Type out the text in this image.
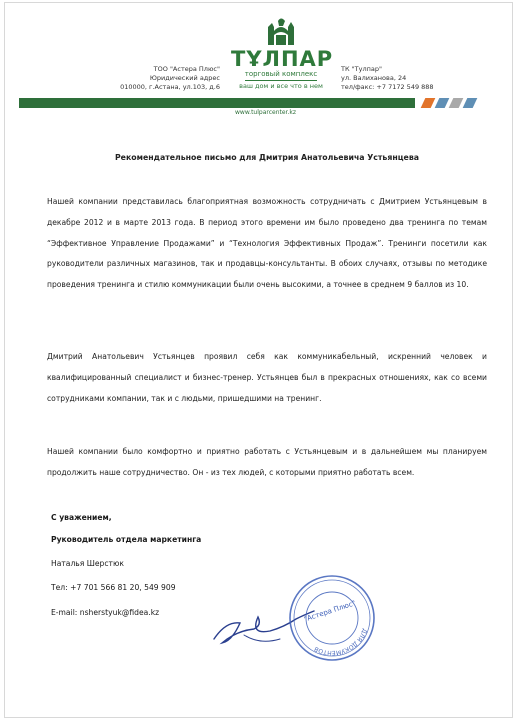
ТҰЛПАР
торговый комплекс
ваш дом и все что в нем
ТОО "Астера Плюс"
Юридический адрес
010000, г.Астана, ул.103, д.6
ТК "Тулпар"
ул. Валиханова, 24
тел/факс: +7 7172 549 888
www.tulparcenter.kz
Рекомендательное письмо для Дмитрия Анатольевича Устьянцева
Нашей компании представилась благоприятная возможность сотрудничать с Дмитрием Устьянцевым в декабре 2012 и в марте 2013 года. В период этого времени им было проведено два тренинга по темам “Эффективное Управление Продажами” и “Технология Эффективных Продаж”. Тренинги посетили как руководители различных магазинов, так и продавцы-консультанты. В обоих случаях, отзывы по методике проведения тренинга и стилю коммуникации были очень высокими, а точнее в среднем 9 баллов из 10.
Дмитрий Анатольевич Устьянцев проявил себя как коммуникабельный, искренний человек и квалифицированный специалист и бизнес-тренер. Устьянцев был в прекрасных отношениях, как со всеми сотрудниками компании, так и с людьми, пришедшими на тренинг.
Нашей компании было комфортно и приятно работать с Устьянцевым и в дальнейшем мы планируем продолжить наше сотрудничество. Он - из тех людей, с которыми приятно работать всем.
С уважением,
Руководитель отдела маркетинга
Наталья Шерстюк
Тел: +7 701 566 81 20, 549 909
E-mail: nsherstyuk@fidea.kz
ДЛЯ ДОКУМЕНТОВ
"Астера Плюс"
